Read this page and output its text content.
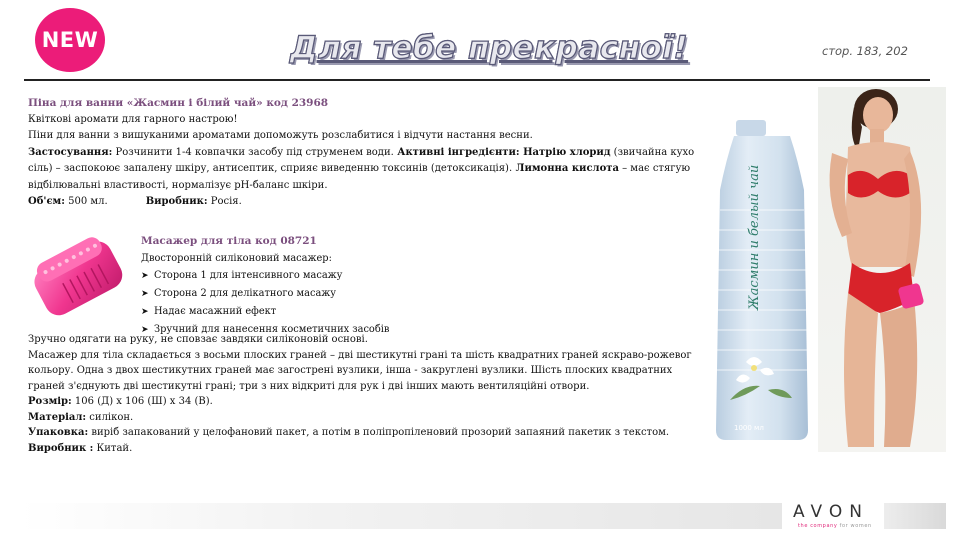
NEW	Для тебе прекрасної!	стор. 183, 202
Піна для ванни «Жасмин і білий чай» код 23968
Квіткові аромати для гарного настрою!
Піни для ванни з вишуканими ароматами допоможуть розслабитися і відчути настання весни.
Застосування: Розчинити 1-4 ковпачки засобу під струменем води. Активні інгредієнти: Натрію хлорид (звичайна кухо
сіль) – заспокоює запалену шкіру, антисептик, сприяє виведенню токсинів (детоксикація). Лимонна кислота – має стягую
відбілювальні властивості, нормалізує pH-баланс шкіри.
Об'єм: 500 мл.	Виробник: Росія.
Масажер для тіла код 08721
Двосторонній силіконовий масажер:
➤ Сторона 1 для інтенсивного масажу
➤ Сторона 2 для делікатного масажу
➤ Надає масажний ефект
➤ Зручний для нанесення косметичних засобів
Зручно одягати на руку, не сповзає завдяки силіконовій основі.
Масажер для тіла складається з восьми плоских граней – дві шестикутні грані та шість квадратних граней яскраво-рожевог
кольору. Одна з двох шестикутних граней має загострені вузлики, інша - закруглені вузлики. Шість плоских квадратних
граней з'єднують дві шестикутні грані; три з них відкриті для рук і дві інших мають вентиляційні отвори.
Розмір: 106 (Д) х 106 (Ш) х 34 (В).
Матеріал: силікон.
Упаковка: виріб запакований у целофановий пакет, а потім в поліпропіленовий прозорий запаяний пакетик з текстом.
Виробник : Китай.
Жасмин и белый чай
1000 мл
AVON
the company for women
